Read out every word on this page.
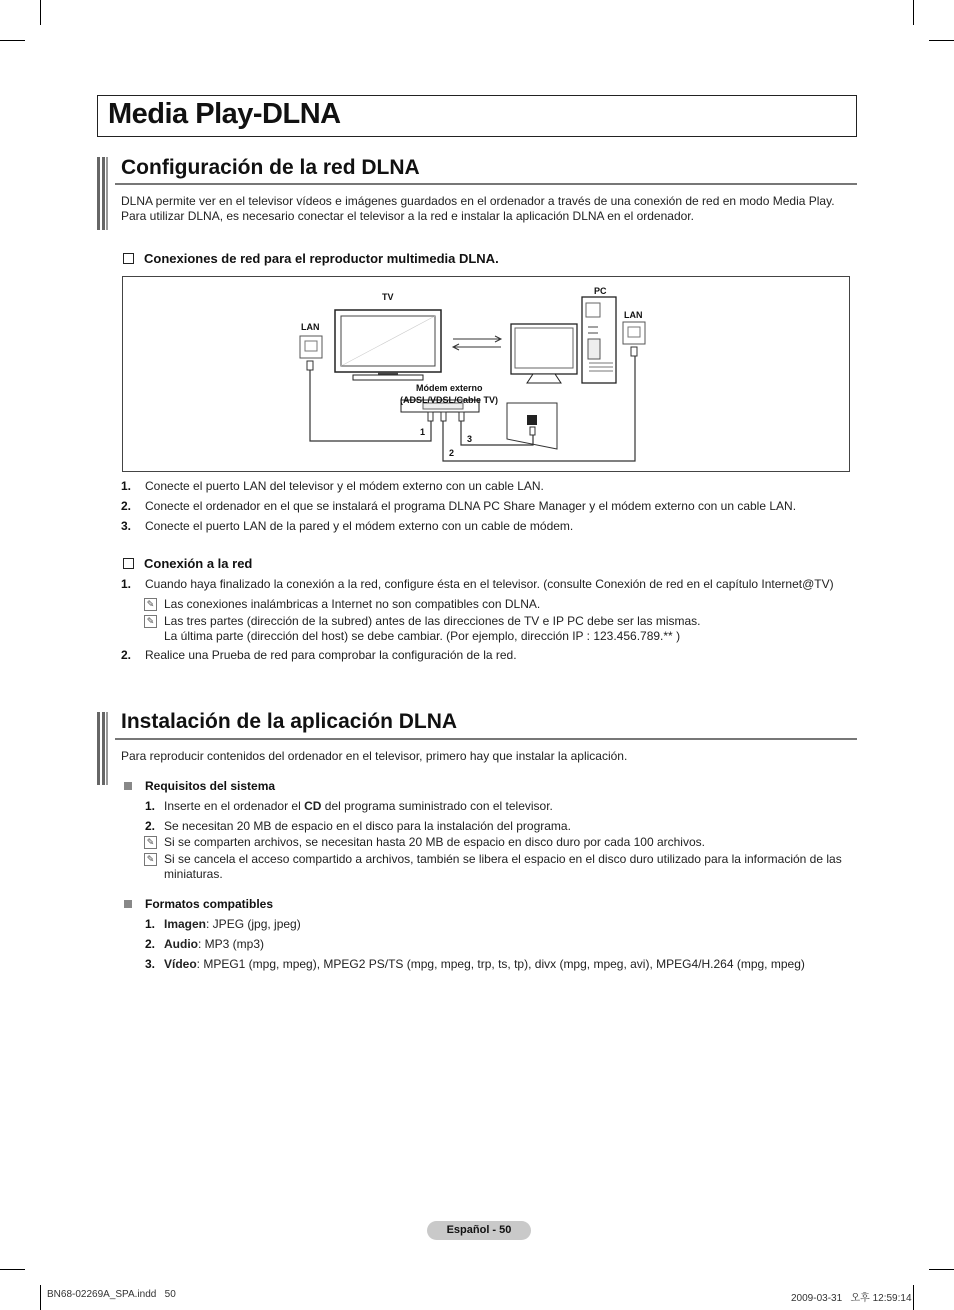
Media Play-DLNA
Configuración de la red DLNA
DLNA permite ver en el televisor vídeos e imágenes guardados en el ordenador a través de una conexión de red en modo Media Play.
Para utilizar DLNA, es necesario conectar el televisor a la red e instalar la aplicación DLNA en el ordenador.
Conexiones de red para el reproductor multimedia DLNA.
TV
PC
LAN
LAN
Módem externo
(ADSL/VDSL/Cable TV)
1
2
3
1. Conecte el puerto LAN del televisor y el módem externo con un cable LAN.
2. Conecte el ordenador en el que se instalará el programa DLNA PC Share Manager y el módem externo con un cable LAN.
3. Conecte el puerto LAN de la pared y el módem externo con un cable de módem.
Conexión a la red
1. Cuando haya finalizado la conexión a la red, configure ésta en el televisor. (consulte Conexión de red en el capítulo Internet@TV)
✎ Las conexiones inalámbricas a Internet no son compatibles con DLNA.
✎ Las tres partes (dirección de la subred) antes de las direcciones de TV e IP PC debe ser las mismas.
La última parte (dirección del host) se debe cambiar. (Por ejemplo, dirección IP : 123.456.789.** )
2. Realice una Prueba de red para comprobar la configuración de la red.
Instalación de la aplicación DLNA
Para reproducir contenidos del ordenador en el televisor, primero hay que instalar la aplicación.
Requisitos del sistema
1. Inserte en el ordenador el CD del programa suministrado con el televisor.
2. Se necesitan 20 MB de espacio en el disco para la instalación del programa.
✎ Si se comparten archivos, se necesitan hasta 20 MB de espacio en disco duro por cada 100 archivos.
✎ Si se cancela el acceso compartido a archivos, también se libera el espacio en el disco duro utilizado para la información de las
miniaturas.
Formatos compatibles
1. Imagen: JPEG (jpg, jpeg)
2. Audio: MP3 (mp3)
3. Vídeo: MPEG1 (mpg, mpeg), MPEG2 PS/TS (mpg, mpeg, trp, ts, tp), divx (mpg, mpeg, avi), MPEG4/H.264 (mpg, mpeg)
Español - 50
BN68-02269A_SPA.indd   50	2009-03-31   오후 12:59:14
